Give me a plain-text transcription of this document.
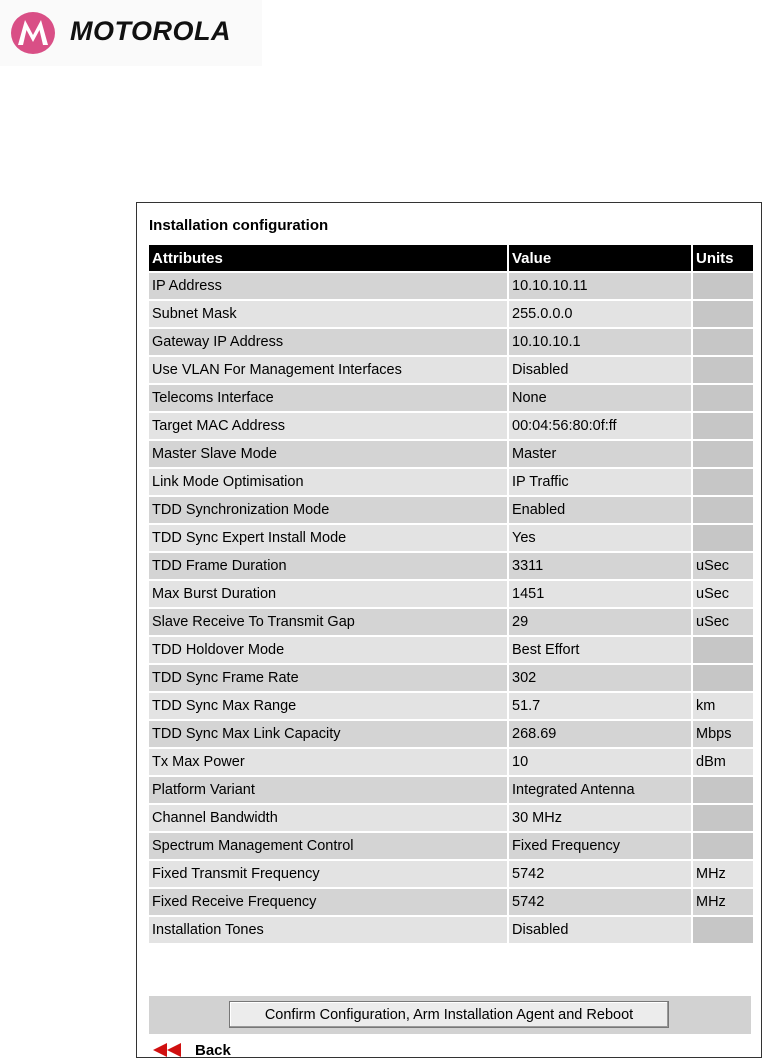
MOTOROLA
Installation configuration
Attributes	Value	Units
IP Address	10.10.10.11	
Subnet Mask	255.0.0.0	
Gateway IP Address	10.10.10.1	
Use VLAN For Management Interfaces	Disabled	
Telecoms Interface	None	
Target MAC Address	00:04:56:80:0f:ff	
Master Slave Mode	Master	
Link Mode Optimisation	IP Traffic	
TDD Synchronization Mode	Enabled	
TDD Sync Expert Install Mode	Yes	
TDD Frame Duration	3311	uSec
Max Burst Duration	1451	uSec
Slave Receive To Transmit Gap	29	uSec
TDD Holdover Mode	Best Effort	
TDD Sync Frame Rate	302	
TDD Sync Max Range	51.7	km
TDD Sync Max Link Capacity	268.69	Mbps
Tx Max Power	10	dBm
Platform Variant	Integrated Antenna	
Channel Bandwidth	30 MHz	
Spectrum Management Control	Fixed Frequency	
Fixed Transmit Frequency	5742	MHz
Fixed Receive Frequency	5742	MHz
Installation Tones	Disabled	
Confirm Configuration, Arm Installation Agent and Reboot
Back
